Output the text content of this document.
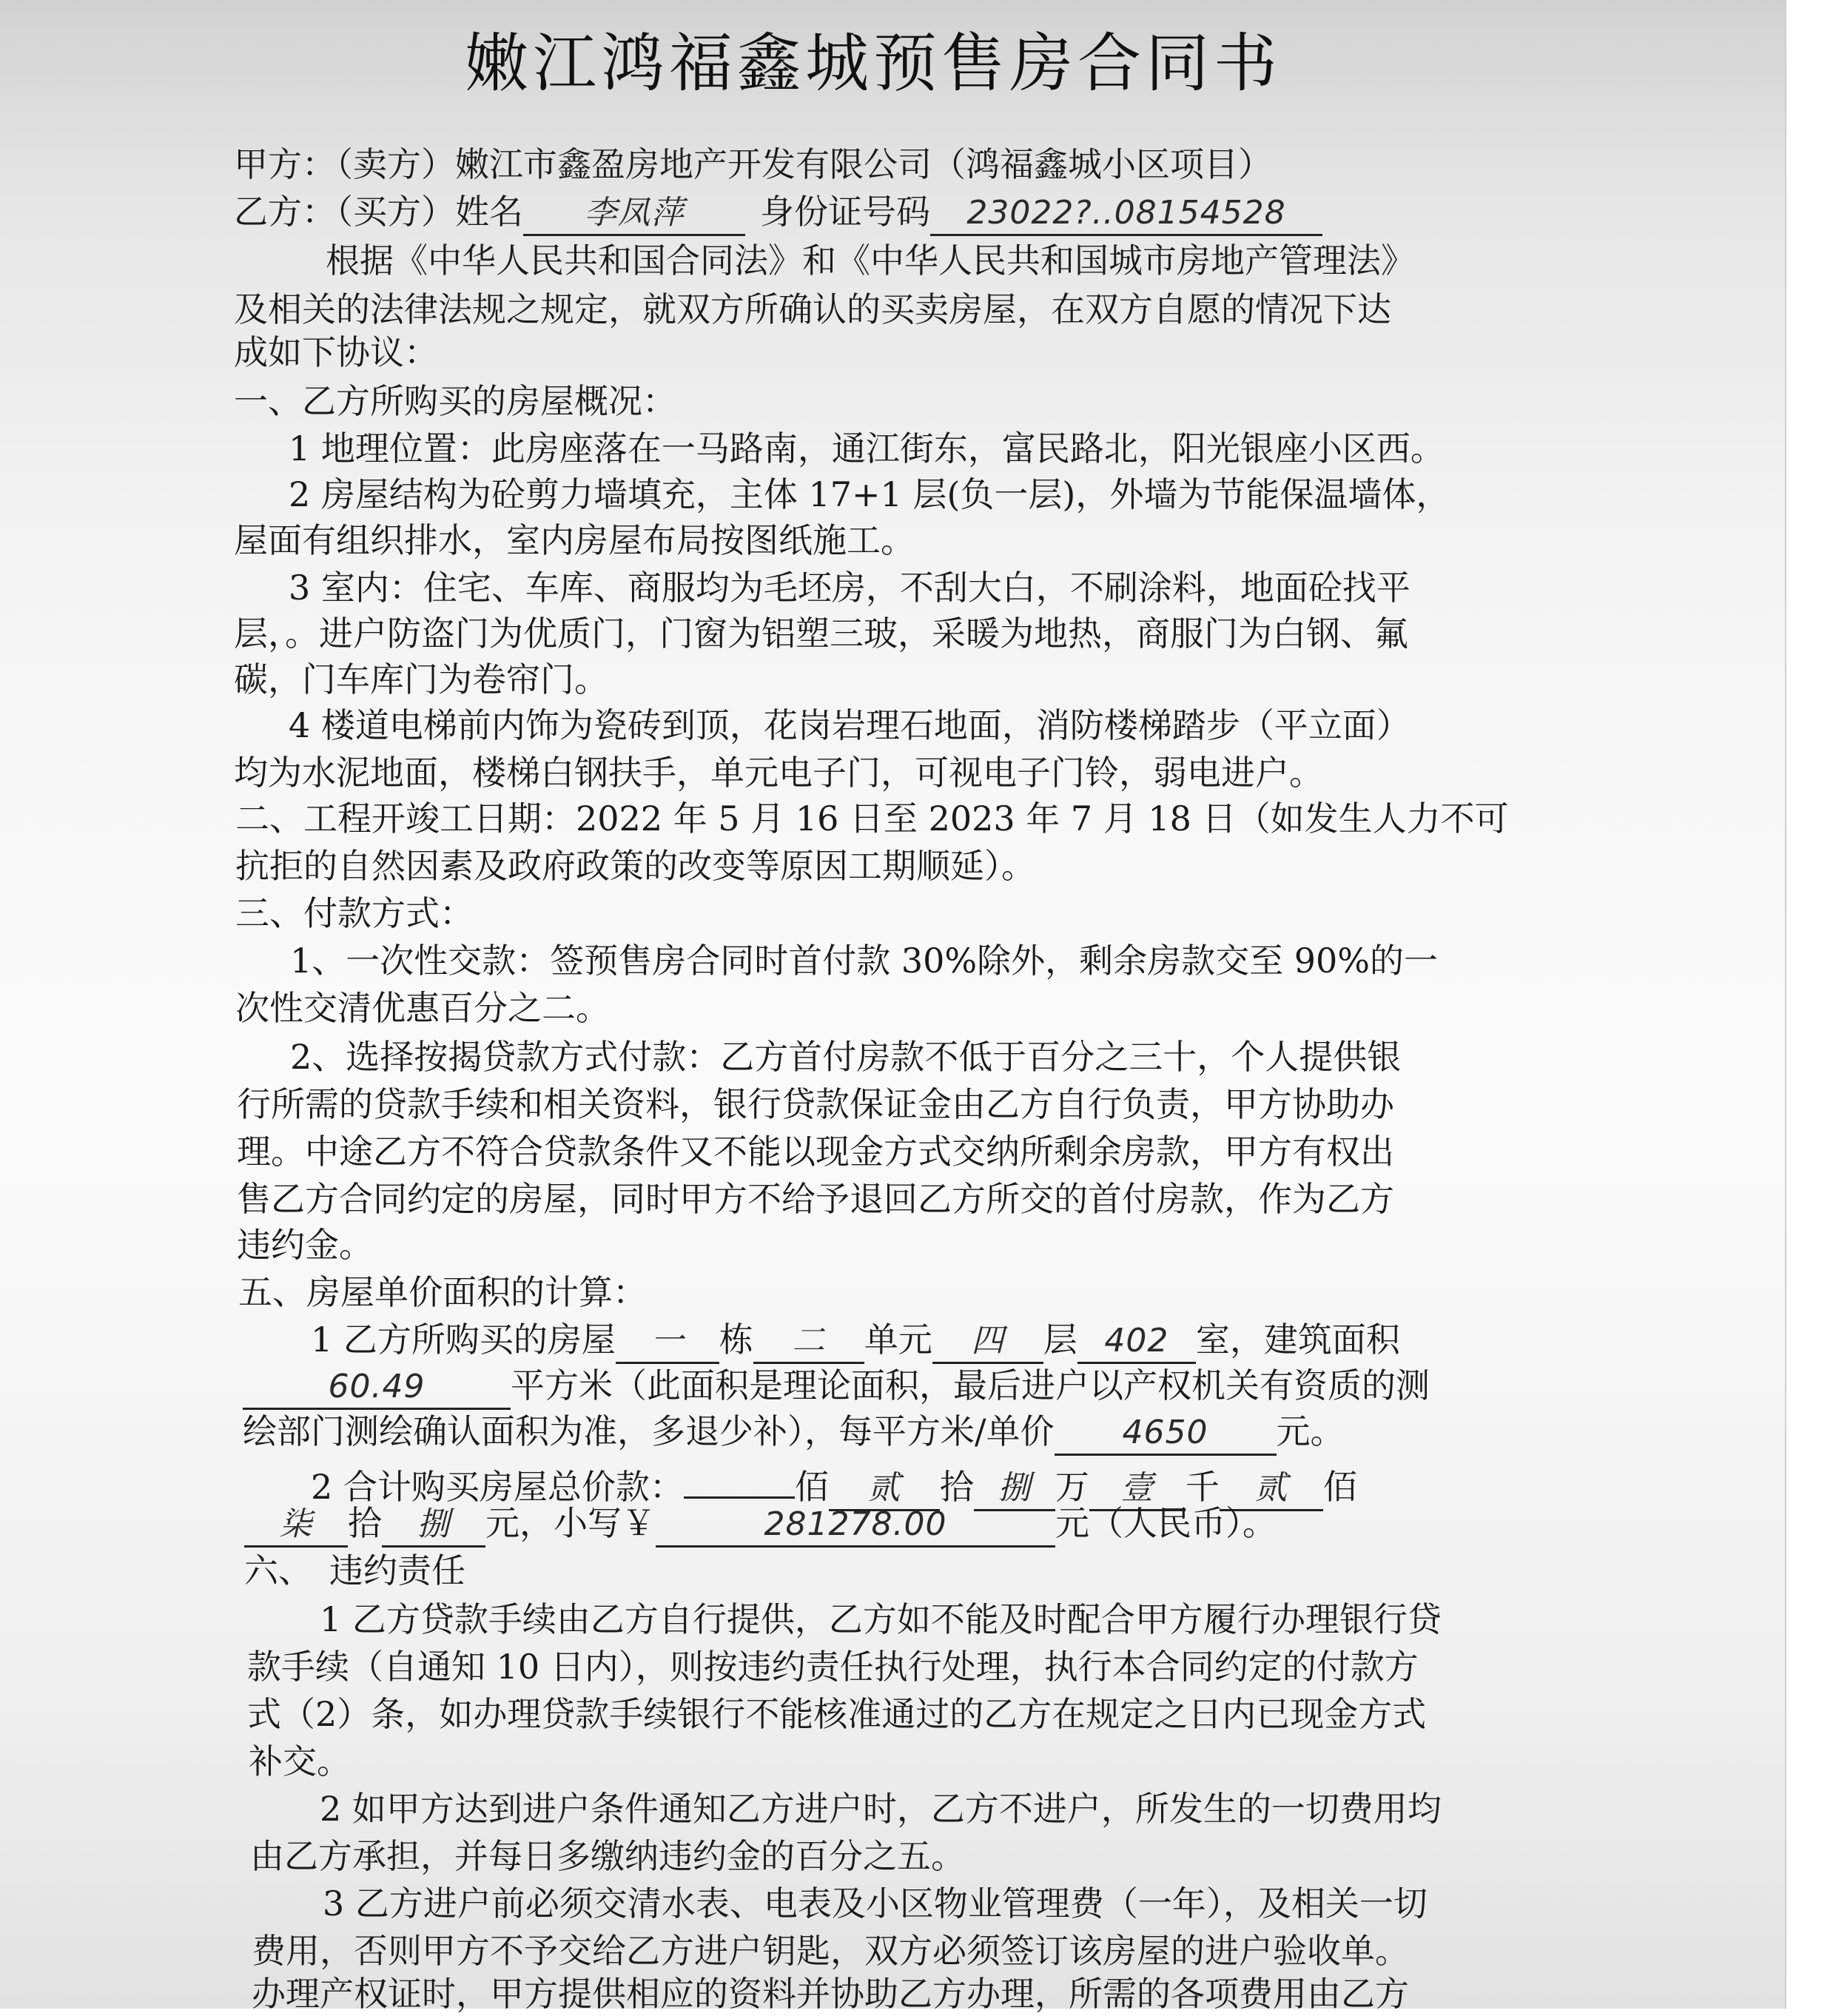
嫩江鸿福鑫城预售房合同书
甲方：（卖方）嫩江市鑫盈房地产开发有限公司（鸿福鑫城小区项目）
乙方：（买方）姓名 李凤萍 身份证号码 23022?..08154528
根据《中华人民共和国合同法》和《中华人民共和国城市房地产管理法》
及相关的法律法规之规定，就双方所确认的买卖房屋，在双方自愿的情况下达
成如下协议：
一、乙方所购买的房屋概况：
1 地理位置：此房座落在一马路南，通江街东，富民路北，阳光银座小区西。
2 房屋结构为砼剪力墙填充，主体 17+1 层(负一层)，外墙为节能保温墙体，
屋面有组织排水，室内房屋布局按图纸施工。
3 室内：住宅、车库、商服均为毛坯房，不刮大白，不刷涂料，地面砼找平
层，。进户防盗门为优质门，门窗为铝塑三玻，采暖为地热，商服门为白钢、氟
碳，门车库门为卷帘门。
4 楼道电梯前内饰为瓷砖到顶，花岗岩理石地面，消防楼梯踏步（平立面）
均为水泥地面，楼梯白钢扶手，单元电子门，可视电子门铃，弱电进户。
二、工程开竣工日期：2022 年 5 月 16 日至 2023 年 7 月 18 日（如发生人力不可
抗拒的自然因素及政府政策的改变等原因工期顺延）。
三、付款方式：
1、一次性交款：签预售房合同时首付款 30%除外，剩余房款交至 90%的一
次性交清优惠百分之二。
2、选择按揭贷款方式付款：乙方首付房款不低于百分之三十，个人提供银
行所需的贷款手续和相关资料，银行贷款保证金由乙方自行负责，甲方协助办
理。中途乙方不符合贷款条件又不能以现金方式交纳所剩余房款，甲方有权出
售乙方合同约定的房屋，同时甲方不给予退回乙方所交的首付房款，作为乙方
违约金。
五、房屋单价面积的计算：
1 乙方所购买的房屋 一 栋 二 单元 四 层 402 室，建筑面积
60.49	平方米（此面积是理论面积，最后进户以产权机关有资质的测
绘部门测绘确认面积为准，多退少补），每平方米/单价 4650 元。
2 合计购买房屋总价款：	佰 贰 拾 捌 万 壹 千 贰 佰
柒 拾 捌 元，小写￥	281278.00	元（人民币）。
六、　违约责任
1 乙方贷款手续由乙方自行提供，乙方如不能及时配合甲方履行办理银行贷
款手续（自通知 10 日内），则按违约责任执行处理，执行本合同约定的付款方
式（2）条，如办理贷款手续银行不能核准通过的乙方在规定之日内已现金方式
补交。
2 如甲方达到进户条件通知乙方进户时，乙方不进户，所发生的一切费用均
由乙方承担，并每日多缴纳违约金的百分之五。
3 乙方进户前必须交清水表、电表及小区物业管理费（一年），及相关一切
费用，否则甲方不予交给乙方进户钥匙，双方必须签订该房屋的进户验收单。
办理产权证时，甲方提供相应的资料并协助乙方办理，所需的各项费用由乙方
